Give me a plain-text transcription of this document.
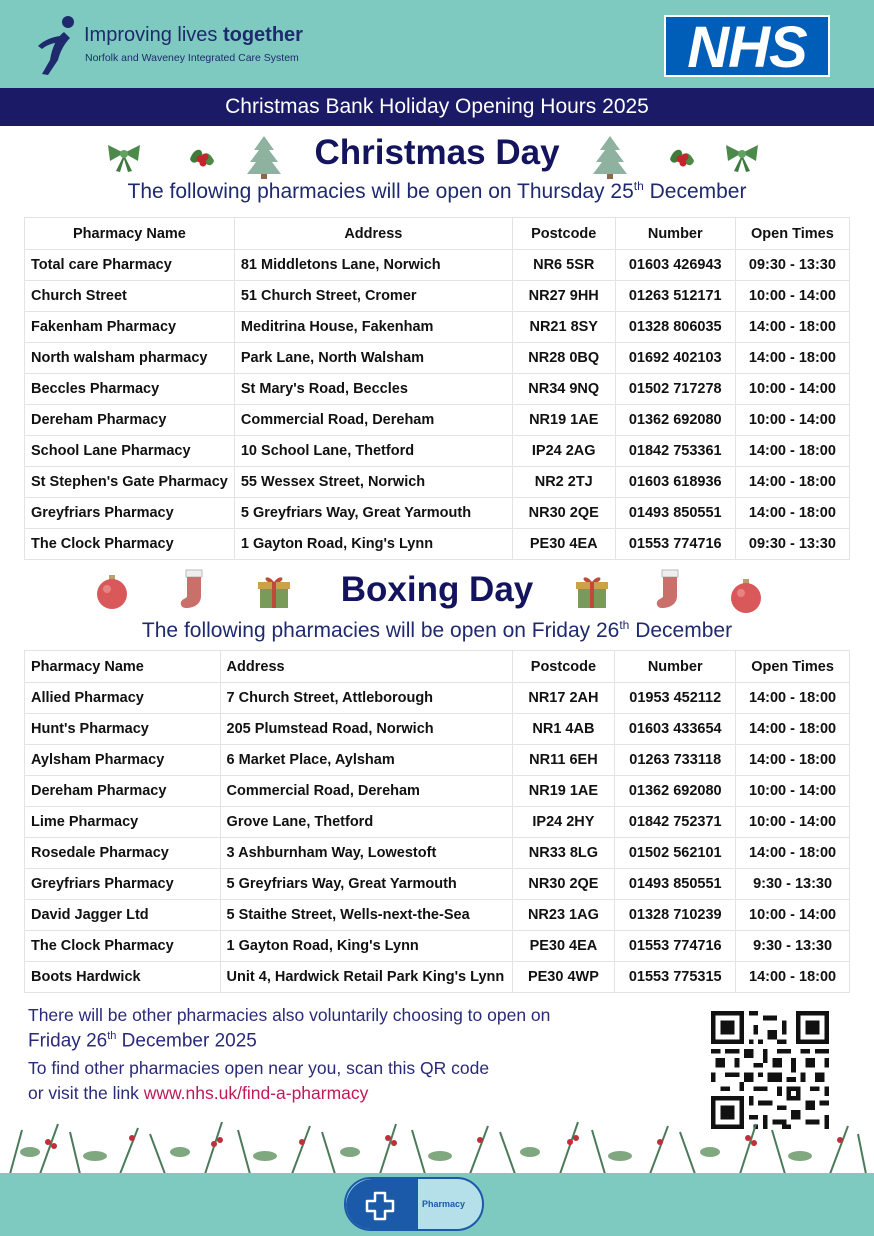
Improving lives together
Norfolk and Waveney Integrated Care System	NHS
Christmas Bank Holiday Opening Hours 2025
Christmas Day
The following pharmacies will be open on Thursday 25th December
Pharmacy Name	Address	Postcode	Number	Open Times
Total care Pharmacy	81 Middletons Lane, Norwich	NR6 5SR	01603 426943	09:30 - 13:30
Church Street	51 Church Street, Cromer	NR27 9HH	01263 512171	10:00 - 14:00
Fakenham Pharmacy	Meditrina House, Fakenham	NR21 8SY	01328 806035	14:00 - 18:00
North walsham pharmacy	Park Lane, North Walsham	NR28 0BQ	01692 402103	14:00 - 18:00
Beccles Pharmacy	St Mary's Road, Beccles	NR34 9NQ	01502 717278	10:00 - 14:00
Dereham Pharmacy	Commercial Road, Dereham	NR19 1AE	01362 692080	10:00 - 14:00
School Lane Pharmacy	10 School Lane, Thetford	IP24 2AG	01842 753361	14:00 - 18:00
St Stephen's Gate Pharmacy	55 Wessex Street, Norwich	NR2 2TJ	01603 618936	14:00 - 18:00
Greyfriars Pharmacy	5 Greyfriars Way, Great Yarmouth	NR30 2QE	01493 850551	14:00 - 18:00
The Clock Pharmacy	1 Gayton Road, King's Lynn	PE30 4EA	01553 774716	09:30 - 13:30
Boxing Day
The following pharmacies will be open on Friday 26th December
Pharmacy Name	Address	Postcode	Number	Open Times
Allied Pharmacy	7 Church Street, Attleborough	NR17 2AH	01953 452112	14:00 - 18:00
Hunt's Pharmacy	205 Plumstead Road, Norwich	NR1 4AB	01603 433654	14:00 - 18:00
Aylsham Pharmacy	6 Market Place, Aylsham	NR11 6EH	01263 733118	14:00 - 18:00
Dereham Pharmacy	Commercial Road, Dereham	NR19 1AE	01362 692080	10:00 - 14:00
Lime Pharmacy	Grove Lane, Thetford	IP24 2HY	01842 752371	10:00 - 14:00
Rosedale Pharmacy	3 Ashburnham Way, Lowestoft	NR33 8LG	01502 562101	14:00 - 18:00
Greyfriars Pharmacy	5 Greyfriars Way, Great Yarmouth	NR30 2QE	01493 850551	9:30 - 13:30
David Jagger Ltd	5 Staithe Street, Wells-next-the-Sea	NR23 1AG	01328 710239	10:00 - 14:00
The Clock Pharmacy	1 Gayton Road, King's Lynn	PE30 4EA	01553 774716	9:30 - 13:30
Boots Hardwick	Unit 4, Hardwick Retail Park King's Lynn	PE30 4WP	01553 775315	14:00 - 18:00
There will be other pharmacies also voluntarily choosing to open on
Friday 26th December 2025
To find other pharmacies open near you, scan this QR code
or visit the link www.nhs.uk/find-a-pharmacy
Pharmacy
